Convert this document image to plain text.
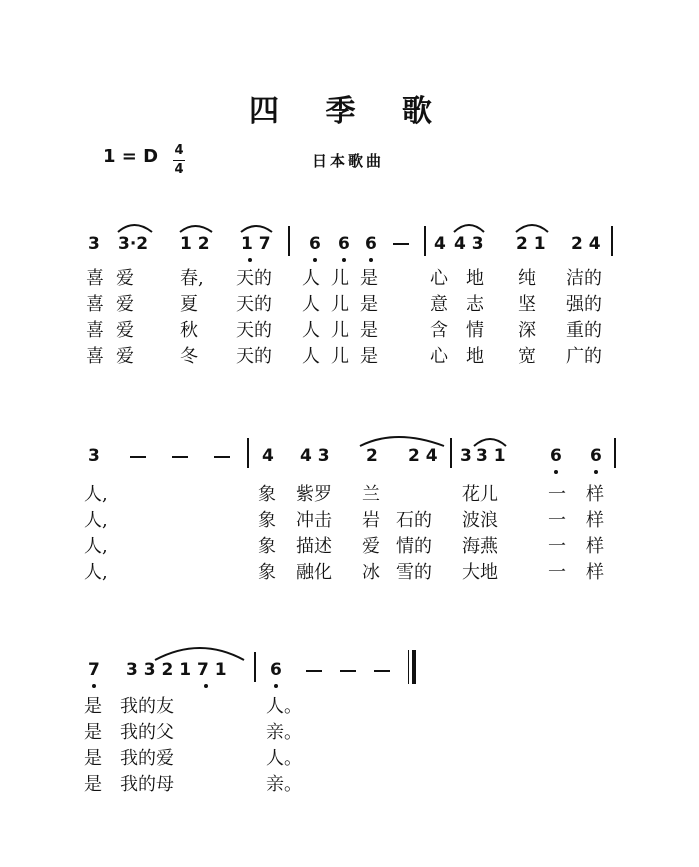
四 季 歌
1 = D 4
4	日本歌曲
3 3·2 1 2 1 7 6 6 6	4 4 3 2 1 2 4
喜 爱	春, 天的 人 儿 是	心 地 纯 洁的
喜 爱	夏 天的 人 儿 是	意 志 坚 强的
喜 爱	秋 天的 人 儿 是	含 情 深 重的
喜 爱	冬 天的 人 儿 是	心 地 宽 广的
3	4 4 3 2 2 4 3 3 1	6 6
人,	象 紫罗 兰	花儿	一 样
人,	象 冲击 岩 石的 波浪	一 样
人,	象 描述 爱 情的 海燕	一 样
人,	象 融化 冰 雪的 大地	一 样
7 3 3 2 1 7 1	6
是 我的友	人。
是 我的父	亲。
是 我的爱	人。
是 我的母	亲。
